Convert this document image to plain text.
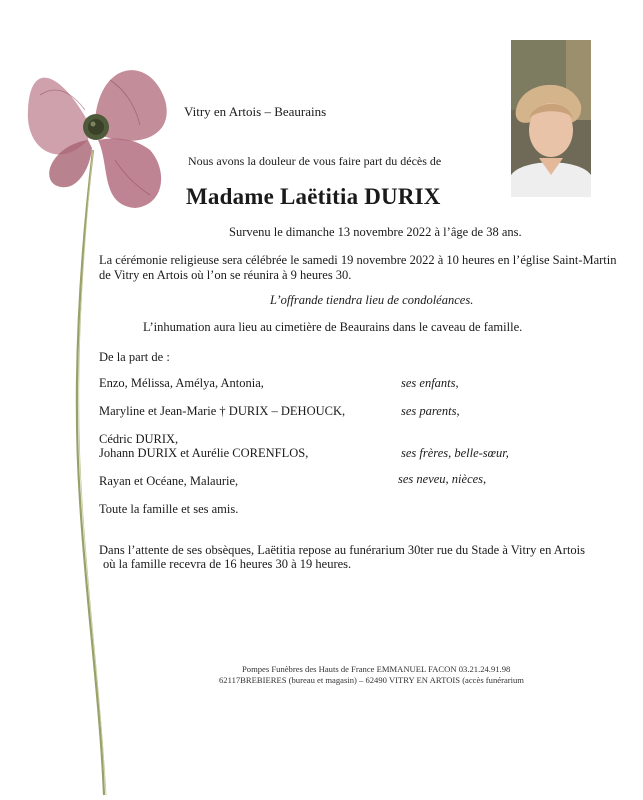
Vitry en Artois – Beaurains
Nous avons la douleur de vous faire part du décès de
Madame Laëtitia DURIX
Survenu le dimanche 13 novembre 2022 à l’âge de 38 ans.
La cérémonie religieuse sera célébrée le samedi 19 novembre 2022 à 10 heures en l’église Saint-Martin
de Vitry en Artois où l’on se réunira à 9 heures 30.
L’offrande tiendra lieu de condoléances.
L’inhumation aura lieu au cimetière de Beaurains dans le caveau de famille.
De la part de :
Enzo, Mélissa, Amélya, Antonia,	ses enfants,
Maryline et Jean-Marie † DURIX – DEHOUCK,	ses parents,
Cédric DURIX,
Johann DURIX et Aurélie CORENFLOS,	ses frères, belle-sœur,
Rayan et Océane, Malaurie,	ses neveu, nièces,
Toute la famille et ses amis.
Dans l’attente de ses obsèques, Laëtitia repose au funérarium 30ter rue du Stade à Vitry en Artois
où la famille recevra de 16 heures 30 à 19 heures.
Pompes Funèbres des Hauts de France EMMANUEL FACON 03.21.24.91.98
62117BREBIERES (bureau et magasin) – 62490 VITRY EN ARTOIS (accès funérarium
